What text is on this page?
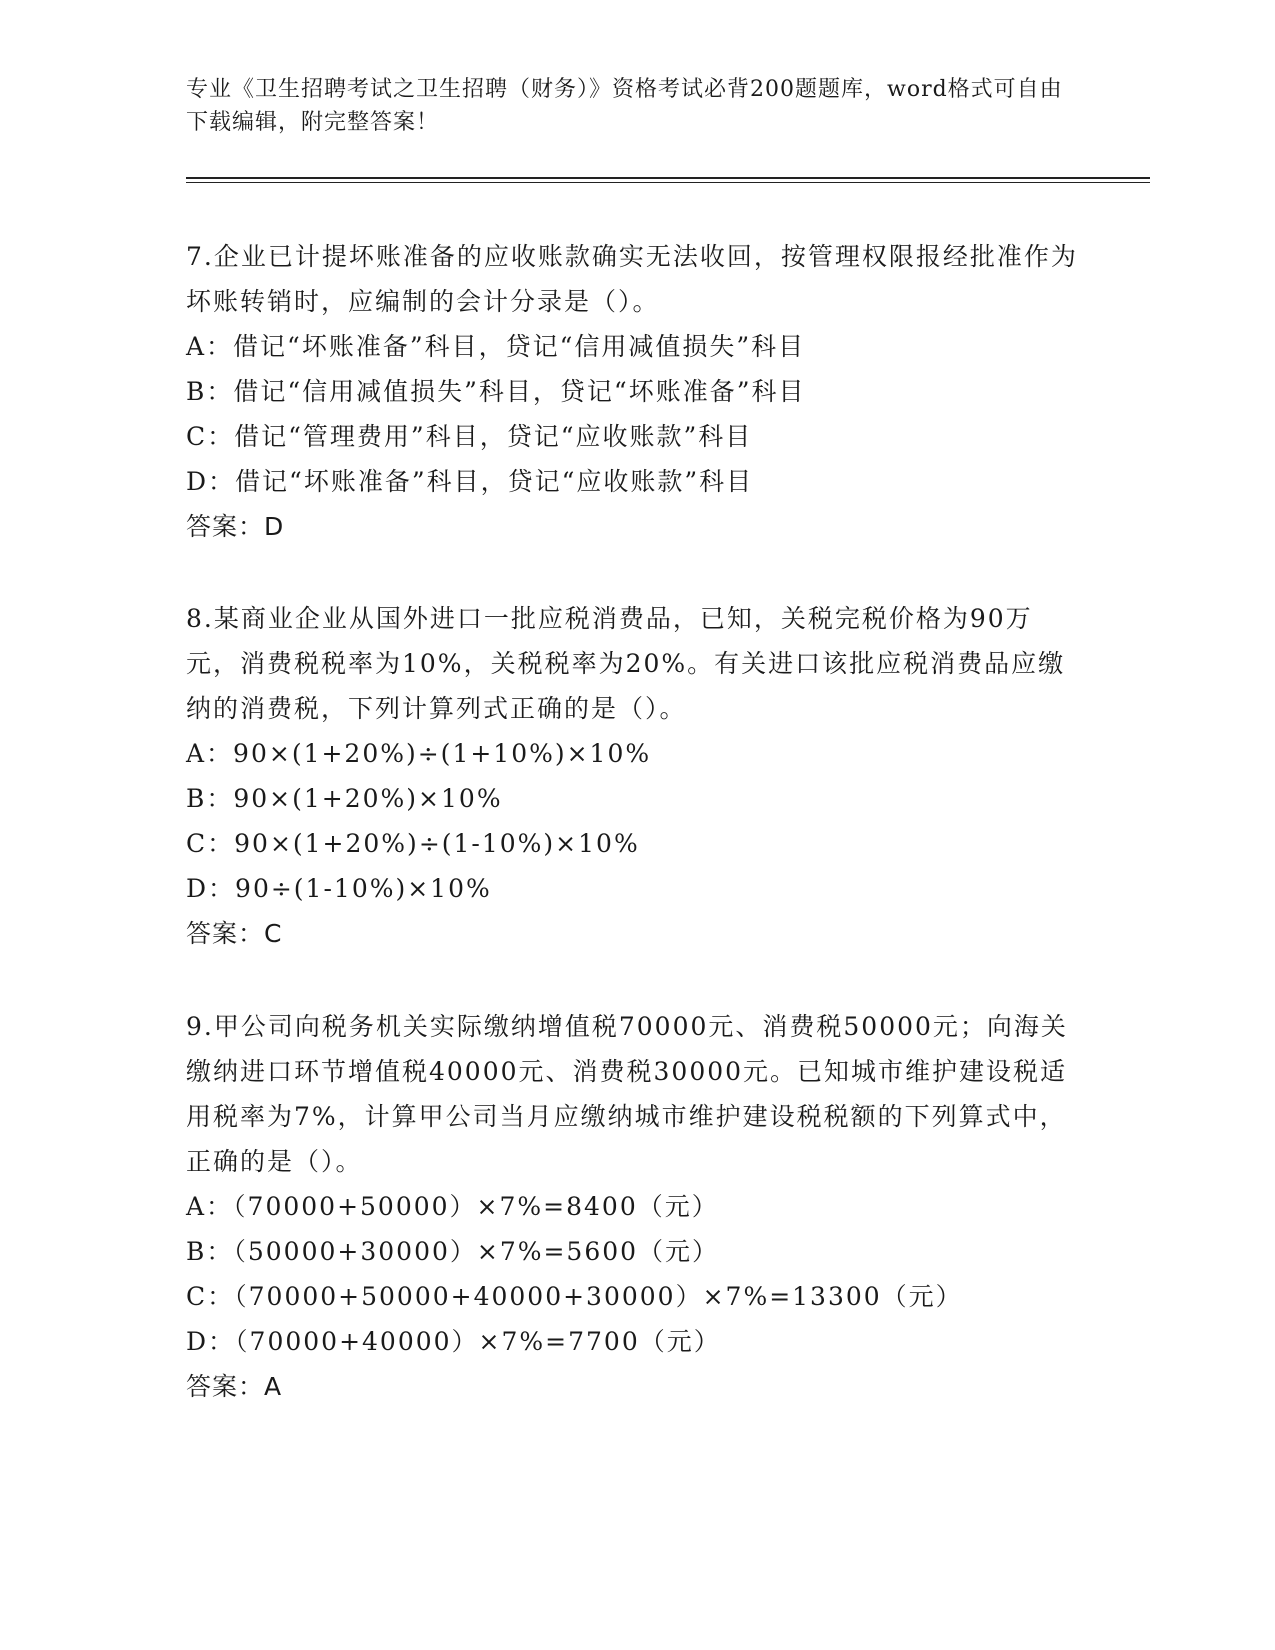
专业《卫生招聘考试之卫生招聘（财务）》资格考试必背200题题库，word格式可自由下载编辑，附完整答案！

7.企业已计提坏账准备的应收账款确实无法收回，按管理权限报经批准作为坏账转销时，应编制的会计分录是（）。

A：借记“坏账准备”科目，贷记“信用减值损失”科目

B：借记“信用减值损失”科目，贷记“坏账准备”科目

C：借记“管理费用”科目，贷记“应收账款”科目

D：借记“坏账准备”科目，贷记“应收账款”科目

答案：D

8.某商业企业从国外进口一批应税消费品，已知，关税完税价格为90万元，消费税税率为10%，关税税率为20%。有关进口该批应税消费品应缴纳的消费税，下列计算列式正确的是（）。

A：90×(1+20%)÷(1+10%)×10%

B：90×(1+20%)×10%

C：90×(1+20%)÷(1-10%)×10%

D：90÷(1-10%)×10%

答案：C

9.甲公司向税务机关实际缴纳增值税70000元、消费税50000元；向海关缴纳进口环节增值税40000元、消费税30000元。已知城市维护建设税适用税率为7%，计算甲公司当月应缴纳城市维护建设税税额的下列算式中，正确的是（）。

A：（70000+50000）×7%=8400（元）

B：（50000+30000）×7%=5600（元）

C：（70000+50000+40000+30000）×7%=13300（元）

D：（70000+40000）×7%=7700（元）

答案：A
